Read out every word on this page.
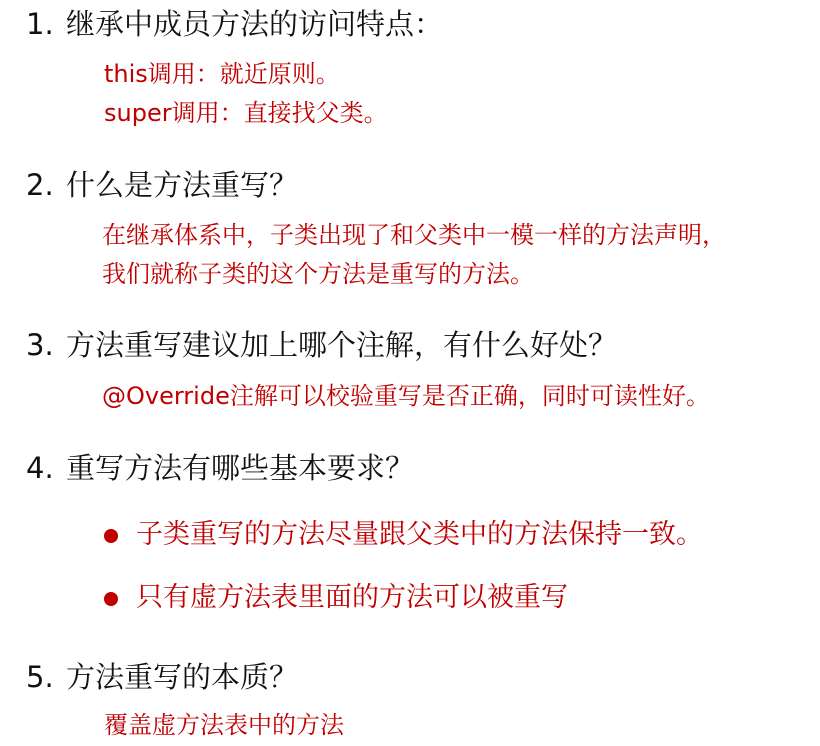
1. 继承中成员方法的访问特点：
this调用：就近原则。
super调用：直接找父类。
2. 什么是方法重写？
在继承体系中，子类出现了和父类中一模一样的方法声明，
我们就称子类的这个方法是重写的方法。
3. 方法重写建议加上哪个注解，有什么好处？
@Override注解可以校验重写是否正确，同时可读性好。
4. 重写方法有哪些基本要求？
子类重写的方法尽量跟父类中的方法保持一致。
只有虚方法表里面的方法可以被重写
5. 方法重写的本质？
覆盖虚方法表中的方法
